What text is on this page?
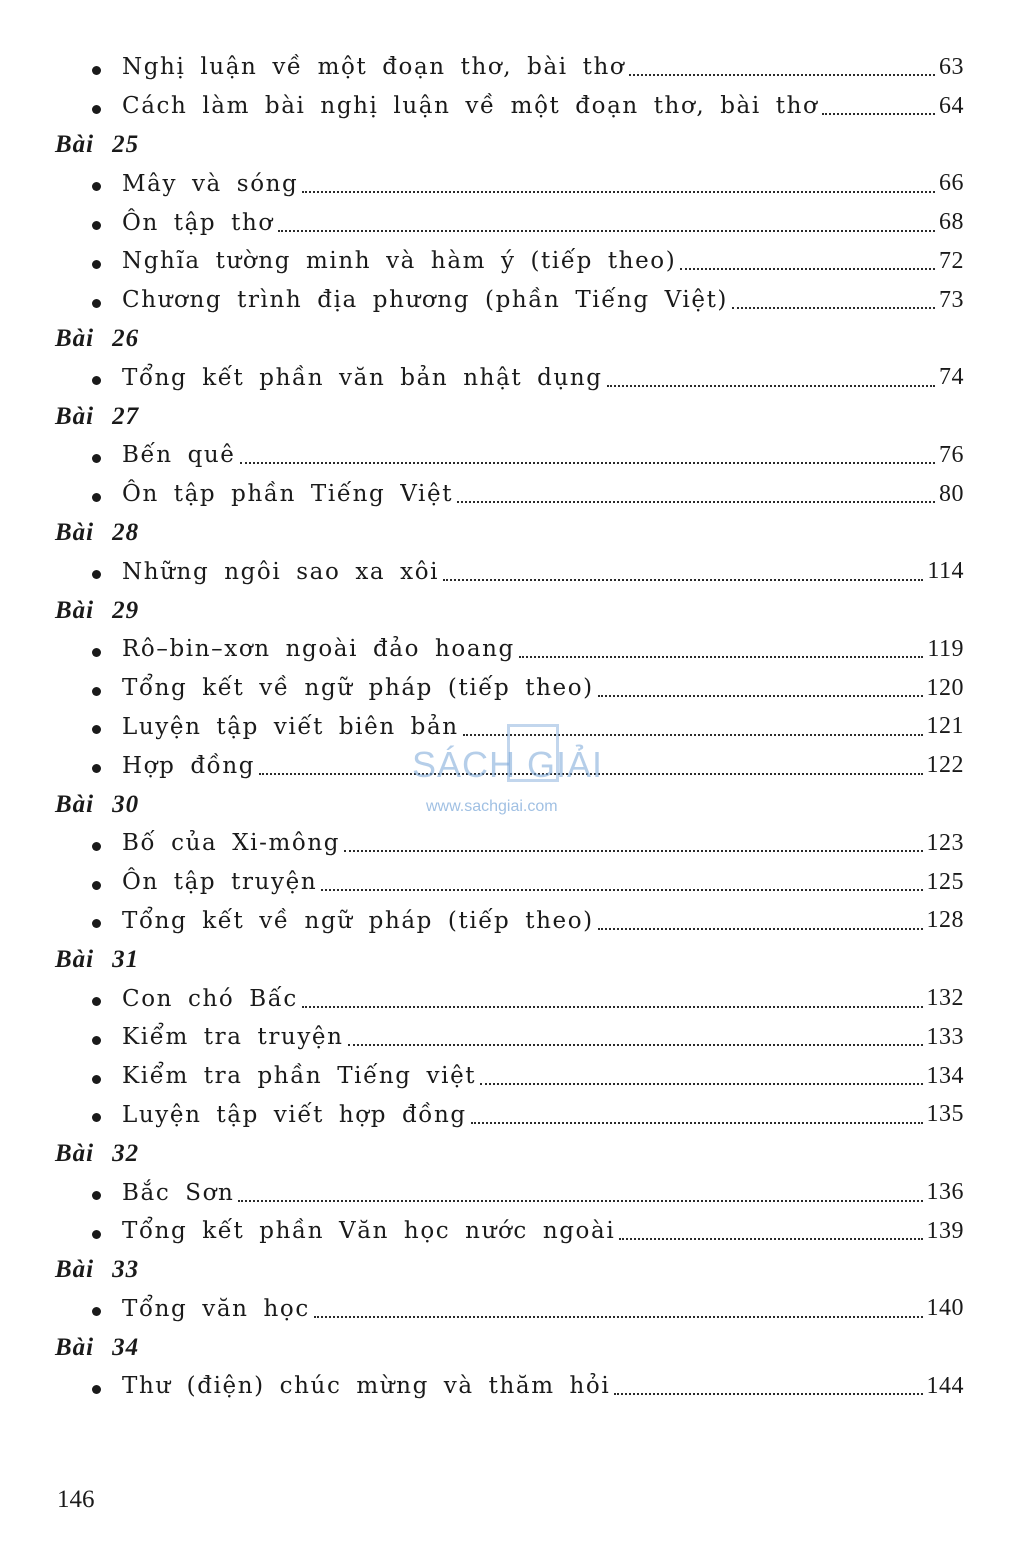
Nghị luận về một đoạn thơ, bài thơ	63
Cách làm bài nghị luận về một đoạn thơ, bài thơ	64
Bài 25
Mây và sóng	66
Ôn tập thơ	68
Nghĩa tường minh và hàm ý (tiếp theo)	72
Chương trình địa phương (phần Tiếng Việt)	73
Bài 26
Tổng kết phần văn bản nhật dụng	74
Bài 27
Bến quê	76
Ôn tập phần Tiếng Việt	80
Bài 28
Những ngôi sao xa xôi	114
Bài 29
Rô–bin–xơn ngoài đảo hoang	119
Tổng kết về ngữ pháp (tiếp theo)	120
Luyện tập viết biên bản	121
Hợp đồng	122
Bài 30
Bố của Xi-mông	123
Ôn tập truyện	125
Tổng kết về ngữ pháp (tiếp theo)	128
Bài 31
Con chó Bấc	132
Kiểm tra truyện	133
Kiểm tra phần Tiếng việt	134
Luyện tập viết hợp đồng	135
Bài 32
Bắc Sơn	136
Tổng kết phần Văn học nước ngoài	139
Bài 33
Tổng văn học	140
Bài 34
Thư (điện) chúc mừng và thăm hỏi	144
146
SÁCH GIẢI
www.sachgiai.com
